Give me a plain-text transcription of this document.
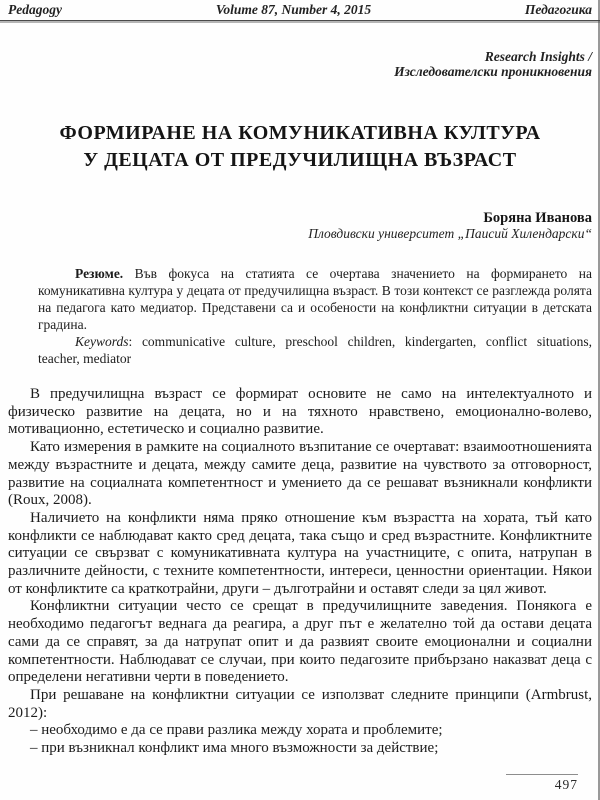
Pedagogy	Volume 87, Number 4, 2015	Педагогика
Research Insights /
Изследователски проникновения
ФОРМИРАНЕ НА КОМУНИКАТИВНА КУЛТУРА
У ДЕЦАТА ОТ ПРЕДУЧИЛИЩНА ВЪЗРАСТ
Боряна Иванова
Пловдивски университет „Паисий Хилендарски“

Резюме. Във фокуса на статията се очертава значението на формирането на комуникативна култура у децата от предучилищна възраст. В този контекст се разглежда ролята на педагога като медиатор. Представени са и особености на конфликтни ситуации в детската градина.

Keywords: communicative culture, preschool children, kindergarten, conflict situations, teacher, mediator

В предучилищна възраст се формират основите не само на интелектуалното и физическо развитие на децата, но и на тяхното нравствено, емоционално-волево, мотивационно, естетическо и социално развитие.

Като измерения в рамките на социалното възпитание се очертават: взаимоотношенията между възрастните и децата, между самите деца, развитие на чувството за отговорност, развитие на социалната компетентност и умението да се решават възникнали конфликти (Roux, 2008).

Наличието на конфликти няма пряко отношение към възрастта на хората, тъй като конфликти се наблюдават както сред децата, така също и сред възрастните. Конфликтните ситуации се свързват с комуникативната култура на участниците, с опита, натрупан в различните дейности, с техните компетентности, интереси, ценностни ориентации. Някои от конфликтите са краткотрайни, други – дълготрайни и оставят следи за цял живот.

Конфликтни ситуации често се срещат в предучилищните заведения. Понякога е необходимо педагогът веднага да реагира, а друг път е желателно той да остави децата сами да се справят, за да натрупат опит и да развият своите емоционални и социални компетентности. Наблюдават се случаи, при които педагозите прибързано наказват деца с определени негативни черти в поведението.

При решаване на конфликтни ситуации се използват следните принципи (Armbrust, 2012):

– необходимо е да се прави разлика между хората и проблемите;
– при възникнал конфликт има много възможности за действие;
497
